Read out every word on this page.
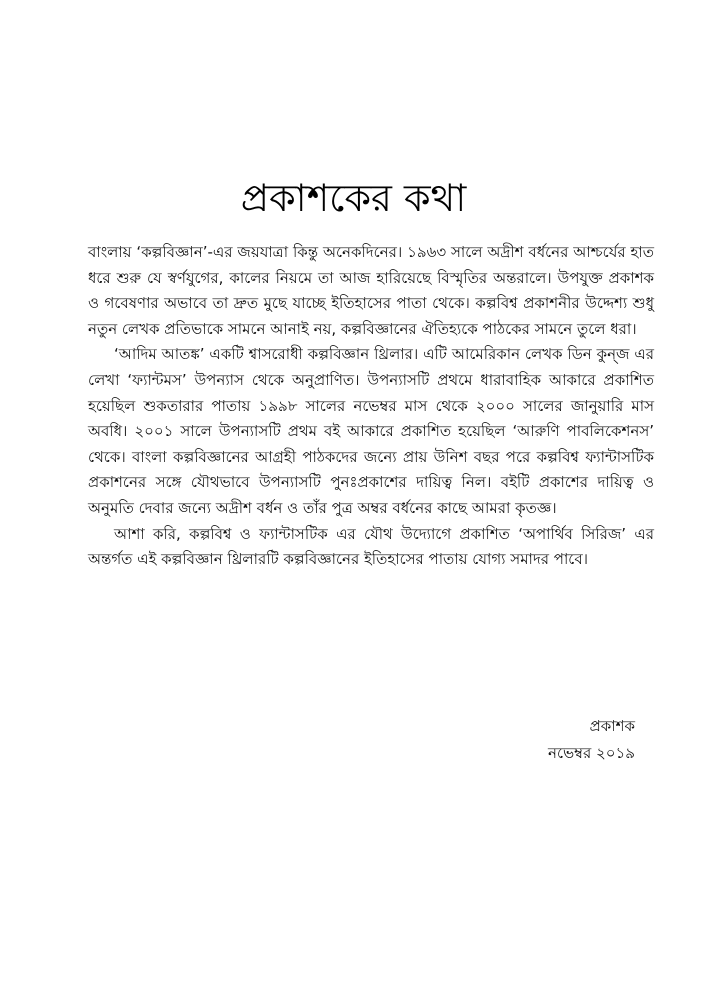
প্রকাশকের কথা

বাংলায় ‘কল্পবিজ্ঞান’-এর জয়যাত্রা কিন্তু অনেকদিনের। ১৯৬৩ সালে অদ্রীশ বর্ধনের আশ্চর্যের হাত ধরে শুরু যে স্বর্ণযুগের, কালের নিয়মে তা আজ হারিয়েছে বিস্মৃতির অন্তরালে। উপযুক্ত প্রকাশক ও গবেষণার অভাবে তা দ্রুত মুছে যাচ্ছে ইতিহাসের পাতা থেকে। কল্পবিশ্ব প্রকাশনীর উদ্দেশ্য শুধু নতুন লেখক প্রতিভাকে সামনে আনাই নয়, কল্পবিজ্ঞানের ঐতিহ্যকে পাঠকের সামনে তুলে ধরা।

‘আদিম আতঙ্ক’ একটি শ্বাসরোধী কল্পবিজ্ঞান থ্রিলার। এটি আমেরিকান লেখক ডিন কুন্জ এর লেখা ‘ফ্যান্টমস’ উপন্যাস থেকে অনুপ্রাণিত। উপন্যাসটি প্রথমে ধারাবাহিক আকারে প্রকাশিত হয়েছিল শুকতারার পাতায় ১৯৯৮ সালের নভেম্বর মাস থেকে ২০০০ সালের জানুয়ারি মাস অবধি। ২০০১ সালে উপন্যাসটি প্রথম বই আকারে প্রকাশিত হয়েছিল ‘আরুণি পাবলিকেশনস’ থেকে। বাংলা কল্পবিজ্ঞানের আগ্রহী পাঠকদের জন্যে প্রায় উনিশ বছর পরে কল্পবিশ্ব ফ্যান্টাসটিক প্রকাশনের সঙ্গে যৌথভাবে উপন্যাসটি পুনঃপ্রকাশের দায়িত্ব নিল। বইটি প্রকাশের দায়িত্ব ও অনুমতি দেবার জন্যে অদ্রীশ বর্ধন ও তাঁর পুত্র অম্বর বর্ধনের কাছে আমরা কৃতজ্ঞ।

আশা করি, কল্পবিশ্ব ও ফ্যান্টাসটিক এর যৌথ উদ্যোগে প্রকাশিত ‘অপার্থিব সিরিজ’ এর অন্তর্গত এই কল্পবিজ্ঞান থ্রিলারটি কল্পবিজ্ঞানের ইতিহাসের পাতায় যোগ্য সমাদর পাবে।

প্রকাশক
নভেম্বর ২০১৯
